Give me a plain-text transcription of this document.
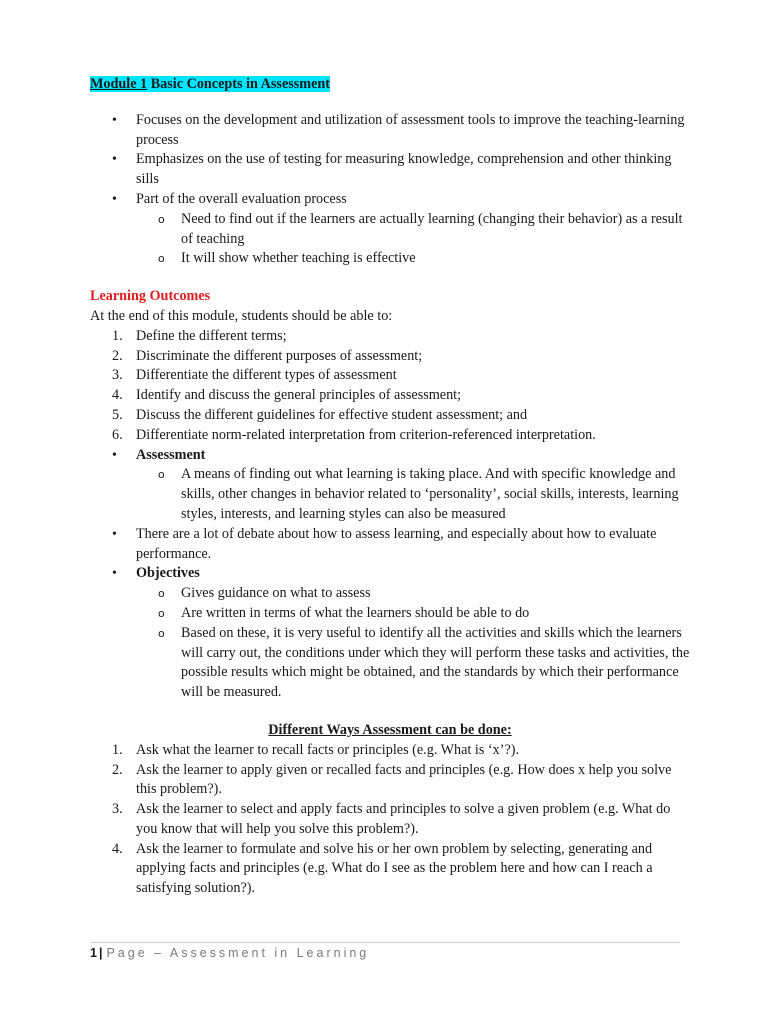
Module 1 Basic Concepts in Assessment
• Focuses on the development and utilization of assessment tools to improve the teaching-learning process
• Emphasizes on the use of testing for measuring knowledge, comprehension and other thinking sills
• Part of the overall evaluation process
o Need to find out if the learners are actually learning (changing their behavior) as a result of teaching
o It will show whether teaching is effective
Learning Outcomes
At the end of this module, students should be able to:
1. Define the different terms;
2. Discriminate the different purposes of assessment;
3. Differentiate the different types of assessment
4. Identify and discuss the general principles of assessment;
5. Discuss the different guidelines for effective student assessment; and
6. Differentiate norm-related interpretation from criterion-referenced interpretation.
• Assessment
o A means of finding out what learning is taking place. And with specific knowledge and skills, other changes in behavior related to ‘personality’, social skills, interests, learning styles, interests, and learning styles can also be measured
• There are a lot of debate about how to assess learning, and especially about how to evaluate performance.
• Objectives
o Gives guidance on what to assess
o Are written in terms of what the learners should be able to do
o Based on these, it is very useful to identify all the activities and skills which the learners will carry out, the conditions under which they will perform these tasks and activities, the possible results which might be obtained, and the standards by which their performance will be measured.
Different Ways Assessment can be done:
1. Ask what the learner to recall facts or principles (e.g. What is ‘x’?).
2. Ask the learner to apply given or recalled facts and principles (e.g. How does x help you solve this problem?).
3. Ask the learner to select and apply facts and principles to solve a given problem (e.g. What do you know that will help you solve this problem?).
4. Ask the learner to formulate and solve his or her own problem by selecting, generating and applying facts and principles (e.g. What do I see as the problem here and how can I reach a satisfying solution?).
1 | Page – Assessment in Learning
